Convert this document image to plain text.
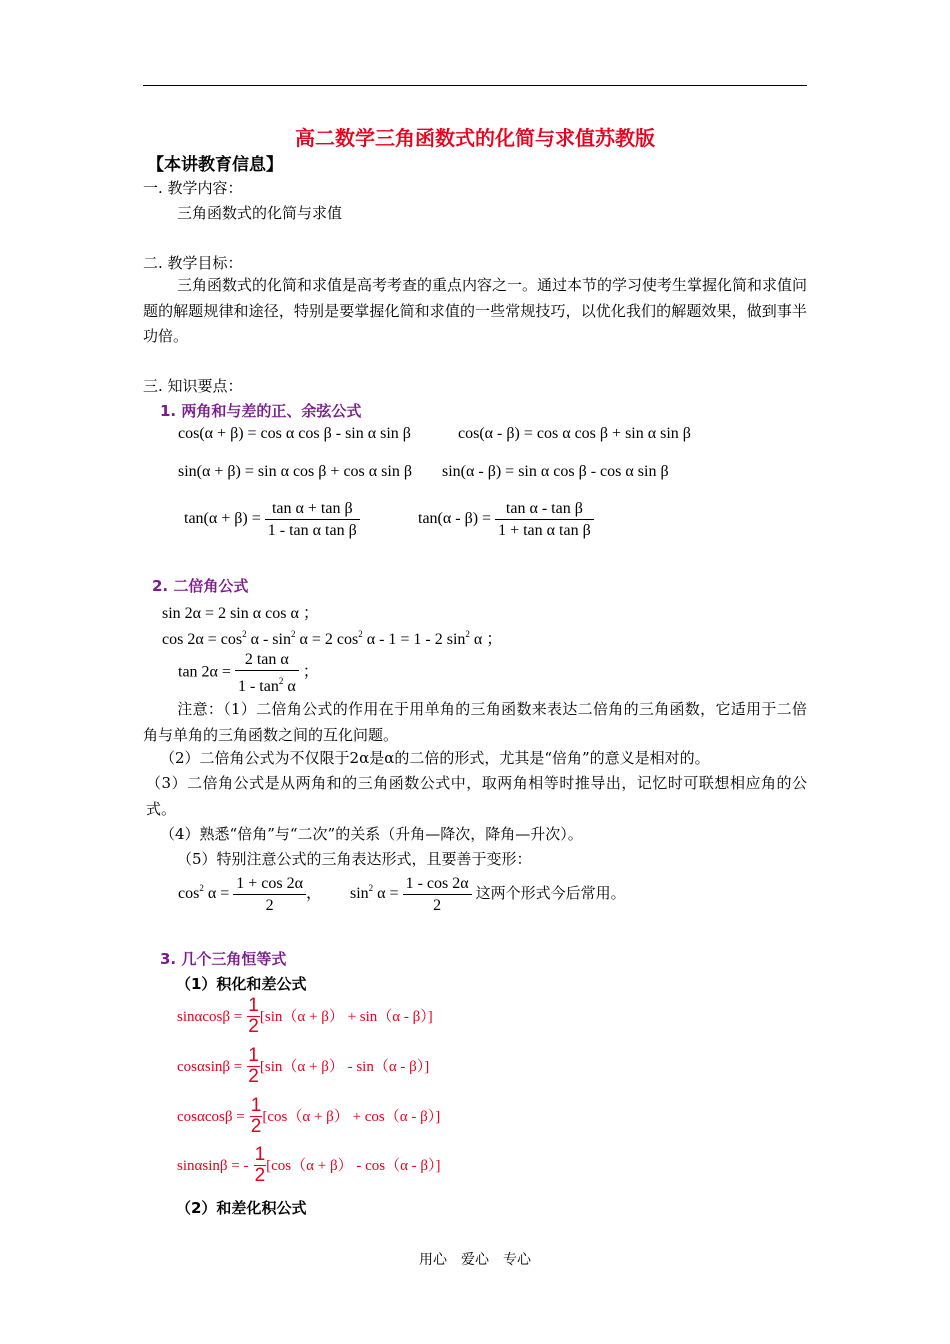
高二数学三角函数式的化简与求值苏教版
【本讲教育信息】
一. 教学内容：
三角函数式的化简与求值
二. 教学目标：
三角函数式的化简和求值是高考考查的重点内容之一。通过本节的学习使考生掌握化简和求值问题的解题规律和途径，特别是要掌握化简和求值的一些常规技巧，以优化我们的解题效果，做到事半功倍。
三. 知识要点：
1. 两角和与差的正、余弦公式
cos(α + β) = cos α cos β - sin α sin β	cos(α - β) = cos α cos β + sin α sin β
sin(α + β) = sin α cos β + cos α sin β sin(α - β) = sin α cos β - cos α sin β
$\tan(\alpha + \beta) = \frac{\text{tan α + tan β}}{\text{1 - tan α tan β}}$	$\tan(\alpha - \beta) = \frac{\text{tan α - tan β}}{\text{1 + tan α tan β}}$
2. 二倍角公式
sin 2α = 2 sin α cos α ；
$\cos 2\alpha = \cos^2 \alpha - \sin^2 \alpha = 2$ $\cos^2 \alpha - 1 = 1 - 2$ $\sin^2 \alpha$ ；
$\tan 2\alpha = \frac{\text{2 tan α}}{1 - \tan^2 \alpha}$ ；
注意：（1）二倍角公式的作用在于用单角的三角函数来表达二倍角的三角函数，它适用于二倍角与单角的三角函数之间的互化问题。
（2）二倍角公式为不仅限于2α是α的二倍的形式，尤其是“倍角”的意义是相对的。
（3）二倍角公式是从两角和的三角函数公式中，取两角相等时推导出，记忆时可联想相应角的公式。
（4）熟悉“倍角”与“二次”的关系（升角—降次，降角—升次）。
（5）特别注意公式的三角表达形式，且要善于变形：
$\cos^2 \alpha = \frac{1 + \cos 2\alpha}{2}$ ， $\sin^2 \alpha = \frac{1 - \cos 2\alpha}{2}$ 这两个形式今后常用。
3. 几个三角恒等式
（1）积化和差公式
$\sin\alpha\cos\beta = \frac{1}{2} [\sin(\alpha + \beta) + \sin(\alpha - \beta)]$
$\cos\alpha\sin\beta = \frac{1}{2} [\sin(\alpha + \beta) - \sin(\alpha - \beta)]$
$\cos\alpha\cos\beta = \frac{1}{2} [\cos(\alpha + \beta) + \cos(\alpha - \beta)]$
sinαsinβ = - $\frac{1}{2} [\cos(\alpha + \beta) - \cos(\alpha - \beta)]$
（2）和差化积公式
用心　爱心　专心
